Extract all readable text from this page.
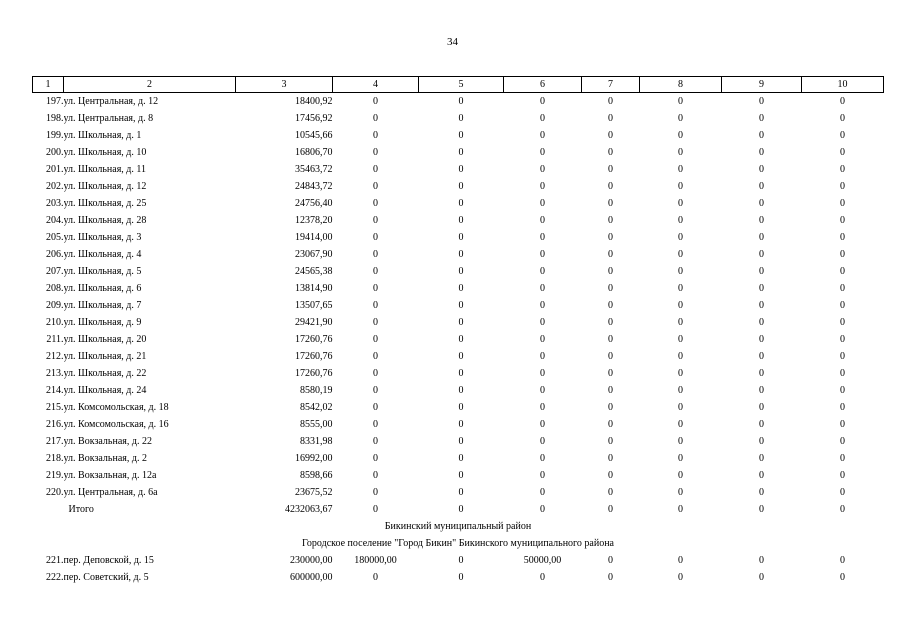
34
1	2	3	4	5	6	7	8	9	10
197.	ул. Центральная, д. 12	18400,92	0	0	0	0	0	0	0
198.	ул. Центральная, д. 8	17456,92	0	0	0	0	0	0	0
199.	ул. Школьная, д. 1	10545,66	0	0	0	0	0	0	0
200.	ул. Школьная, д. 10	16806,70	0	0	0	0	0	0	0
201.	ул. Школьная, д. 11	35463,72	0	0	0	0	0	0	0
202.	ул. Школьная, д. 12	24843,72	0	0	0	0	0	0	0
203.	ул. Школьная, д. 25	24756,40	0	0	0	0	0	0	0
204.	ул. Школьная, д. 28	12378,20	0	0	0	0	0	0	0
205.	ул. Школьная, д. 3	19414,00	0	0	0	0	0	0	0
206.	ул. Школьная, д. 4	23067,90	0	0	0	0	0	0	0
207.	ул. Школьная, д. 5	24565,38	0	0	0	0	0	0	0
208.	ул. Школьная, д. 6	13814,90	0	0	0	0	0	0	0
209.	ул. Школьная, д. 7	13507,65	0	0	0	0	0	0	0
210.	ул. Школьная, д. 9	29421,90	0	0	0	0	0	0	0
211.	ул. Школьная, д. 20	17260,76	0	0	0	0	0	0	0
212.	ул. Школьная, д. 21	17260,76	0	0	0	0	0	0	0
213.	ул. Школьная, д. 22	17260,76	0	0	0	0	0	0	0
214.	ул. Школьная, д. 24	8580,19	0	0	0	0	0	0	0
215.	ул. Комсомольская, д. 18	8542,02	0	0	0	0	0	0	0
216.	ул. Комсомольская, д. 16	8555,00	0	0	0	0	0	0	0
217.	ул. Вокзальная, д. 22	8331,98	0	0	0	0	0	0	0
218.	ул. Вокзальная, д. 2	16992,00	0	0	0	0	0	0	0
219.	ул. Вокзальная, д. 12а	8598,66	0	0	0	0	0	0	0
220.	ул. Центральная, д. 6а	23675,52	0	0	0	0	0	0	0
	Итого	4232063,67	0	0	0	0	0	0	0
Бикинский муниципальный район									
Городское поселение "Город Бикин" Бикинского муниципального района									
221.	пер. Деповской, д. 15	230000,00	180000,00	0	50000,00	0	0	0	0
222.	пер. Советский, д. 5	600000,00	0	0	0	0	0	0	0
